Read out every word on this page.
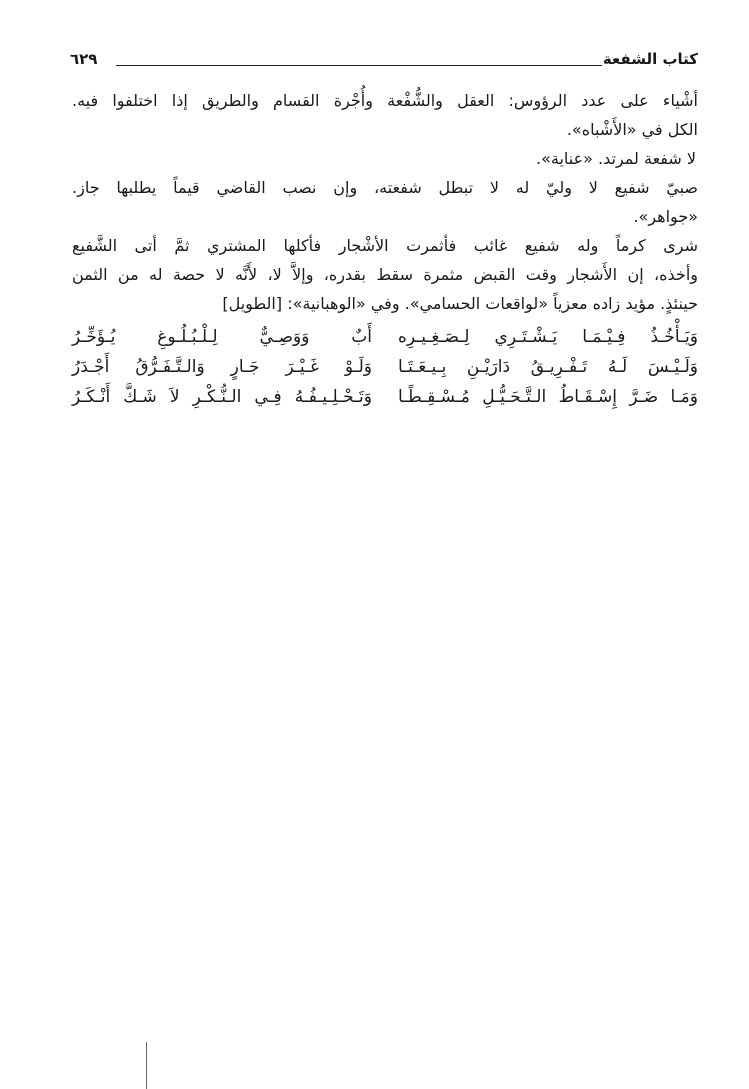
كتاب الشفعة
٦٢٩
أشْياء على عدد الرؤوس: العقل والشُّفْعة وأُجْرة القسام والطريق إذا اختلفوا فيه.
الكل في «الأَشْباه».
لا شفعة لمرتد. «عناية».
صبيّ شفيع لا وليّ له لا تبطل شفعته، وإن نصب القاضي قيماً يطلبها جاز.
«جواهر».
شرى كرماً وله شفيع غائب فأثمرت الأشْجار فأكلها المشتري ثمَّ أتى الشَّفيع
وأخذه، إن الأَشجار وقت القبض مثمرة سقط بقدره، وإلاَّ لا، لأَنَّه لا حصة له من الثمن
حينئذٍ. مؤيد زاده معزياً «لواقعات الحسامي». وفي «الوهبانية»: [الطويل]
وَيَـأْخُـذُ فِـيْـمَـا يَـشْـتَـرِي لِـصَـغِـيـرِه
أَبٌ وَوَصِـيٌّ لِـلْـبُـلُـوغِ يُـؤَخِّـرُ
وَلَـيْـسَ لَـهُ تَـفْـرِيـقُ دَارَيْـنِ بِـيـعَـتَـا
وَلَـوْ غَـيْـرَ جَـارٍ وَالـتَّـفَـرُّقُ أَجْـدَرُ
وَمَـا ضَـرَّ إِسْـقَـاطُ الـتَّـحَـيُّـلِ مُـسْـقِـطًـا
وَتَـحْـلِـيـفُـهُ فِـي الـنُّـكْـرِ لاَ شَـكَّ أَنْـكَـرُ
